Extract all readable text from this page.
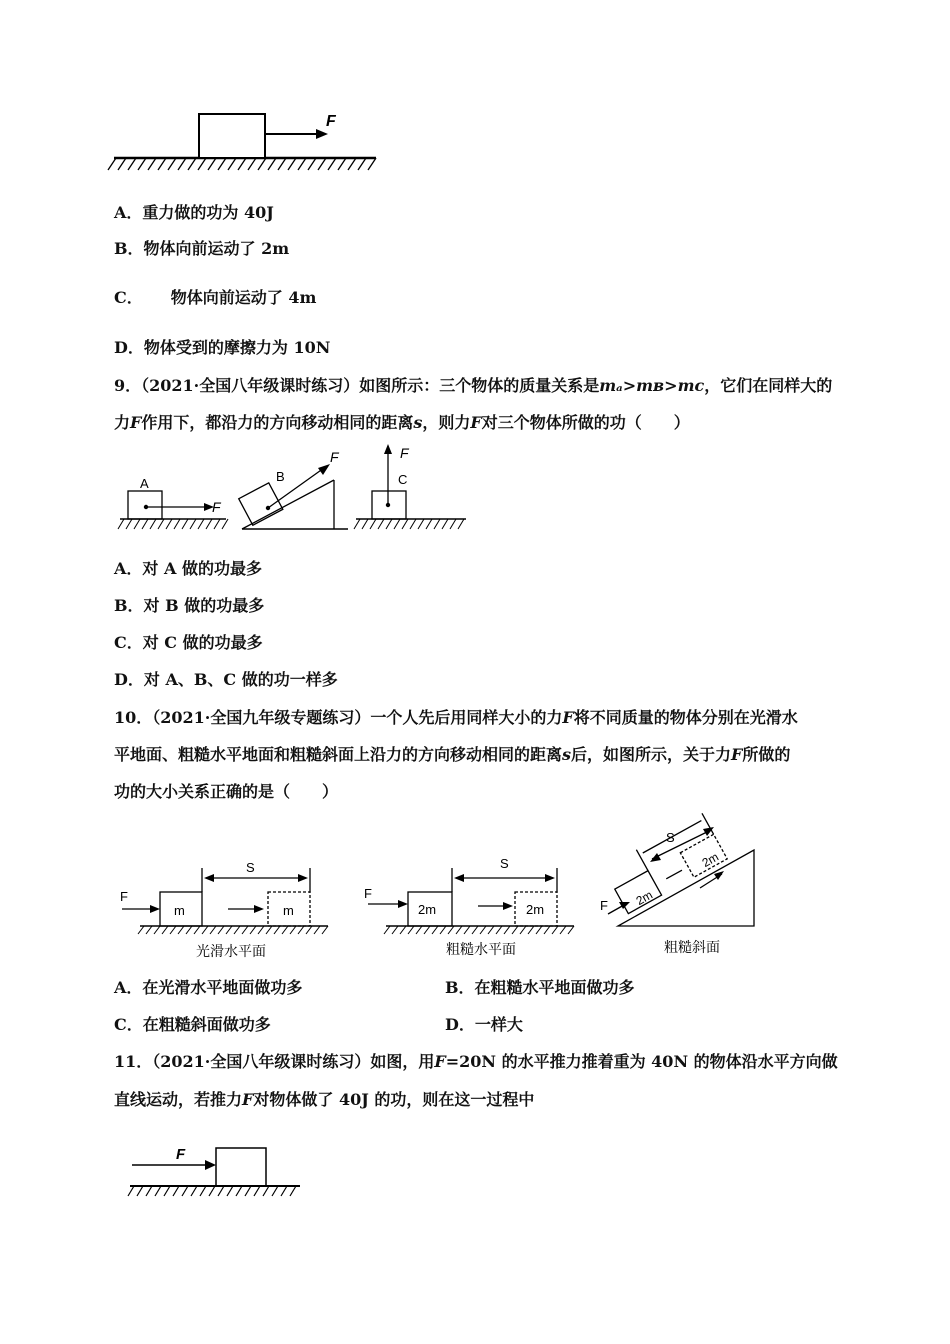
F
A．重力做的功为 40J
B．物体向前运动了 2m
C． 物体向前运动了 4m
D．物体受到的摩擦力为 10N
9．（2021·全国八年级课时练习）如图所示：三个物体的质量关系是mₐ>mʙ>mc，它们在同样大的
力F作用下，都沿力的方向移动相同的距离s，则力F对三个物体所做的功（　　）
A
F
B
F
C
F
A．对 A 做的功最多
B．对 B 做的功最多
C．对 C 做的功最多
D．对 A、B、C 做的功一样多
10．（2021·全国九年级专题练习）一个人先后用同样大小的力F将不同质量的物体分别在光滑水
平地面、粗糙水平地面和粗糙斜面上沿力的方向移动相同的距离s后，如图所示，关于力F所做的
功的大小关系正确的是（　　）
F
m	m
S
光滑水平面
F
2m	2m
S
粗糙水平面
F 2m
2m
S
粗糙斜面
A．在光滑水平地面做功多	B．在粗糙水平地面做功多
C．在粗糙斜面做功多	D．一样大
11．（2021·全国八年级课时练习）如图，用F=20N 的水平推力推着重为 40N 的物体沿水平方向做
直线运动，若推力F对物体做了 40J 的功，则在这一过程中
F
